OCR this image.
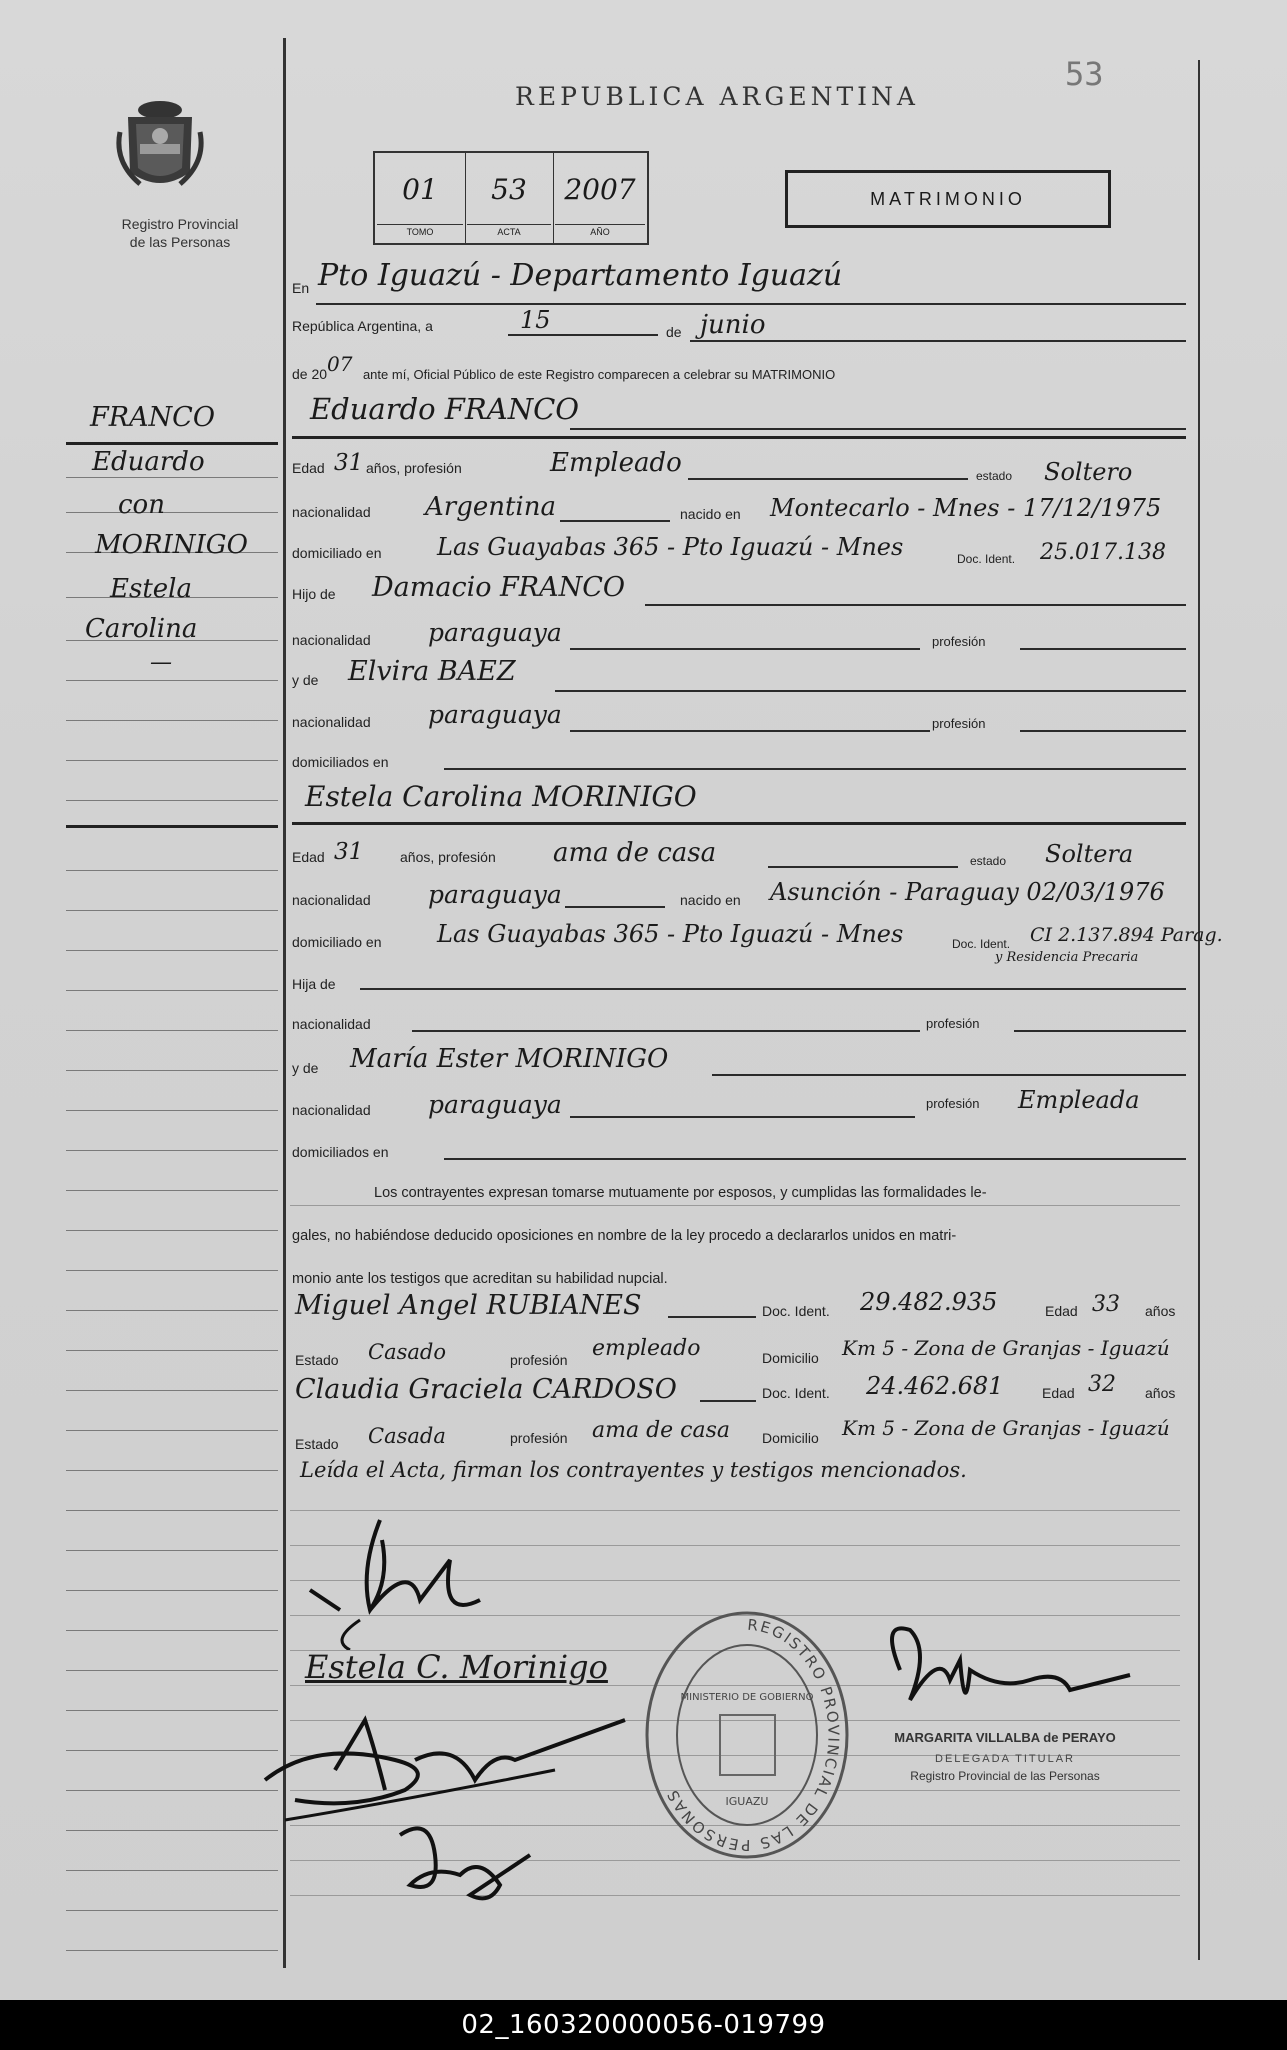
FRANCO
Eduardo
con
MORINIGO
Estela
Carolina
—
Registro Provincial
de las Personas
REPUBLICA ARGENTINA
53
01
TOMO
53
ACTA
2007
AÑO
MATRIMONIO
En Pto Iguazú - Departamento Iguazú
República Argentina, a	15	de junio
de 2007 ante mí, Oficial Público de este Registro comparecen a celebrar su MATRIMONIO
Eduardo FRANCO
Edad 31 años, profesión	Empleado	estado Soltero
nacionalidad Argentina	nacido en Montecarlo - Mnes - 17/12/1975
domiciliado en Las Guayabas 365 - Pto Iguazú - Mnes	Doc. Ident. 25.017.138
Hijo de Damacio FRANCO
nacionalidad paraguaya	profesión
y de Elvira BAEZ
nacionalidad paraguaya	profesión
domiciliados en
Estela Carolina MORINIGO
Edad 31	años, profesión ama de casa	estado Soltera
nacionalidad paraguaya	nacido en Asunción - Paraguay 02/03/1976
domiciliado en Las Guayabas 365 - Pto Iguazú - Mnes	Doc. Ident. CI 2.137.894 Parag.
y Residencia Precaria
Hija de
nacionalidad	profesión
y de María Ester MORINIGO
nacionalidad paraguaya	profesión Empleada
domiciliados en
Los contrayentes expresan tomarse mutuamente por esposos, y cumplidas las formalidades le-
gales, no habiéndose deducido oposiciones en nombre de la ley procedo a declararlos unidos en matri-
monio ante los testigos que acreditan su habilidad nupcial.
Miguel Angel RUBIANES	Doc. Ident. 29.482.935	Edad 33 años
Estado Casado	profesión empleado	Domicilio Km 5 - Zona de Granjas - Iguazú
Claudia Graciela CARDOSO	Doc. Ident. 24.462.681	Edad 32 años
Estado Casada	profesión ama de casa Domicilio Km 5 - Zona de Granjas - Iguazú
Leída el Acta, firman los contrayentes y testigos mencionados.
Estela C. Morinigo
REGISTRO PROVINCIAL DE LAS PERSONAS
MINISTERIO DE GOBIERNO
IGUAZU
MARGARITA VILLALBA de PERAYO
DELEGADA TITULAR
Registro Provincial de las Personas
02_160320000056-019799
